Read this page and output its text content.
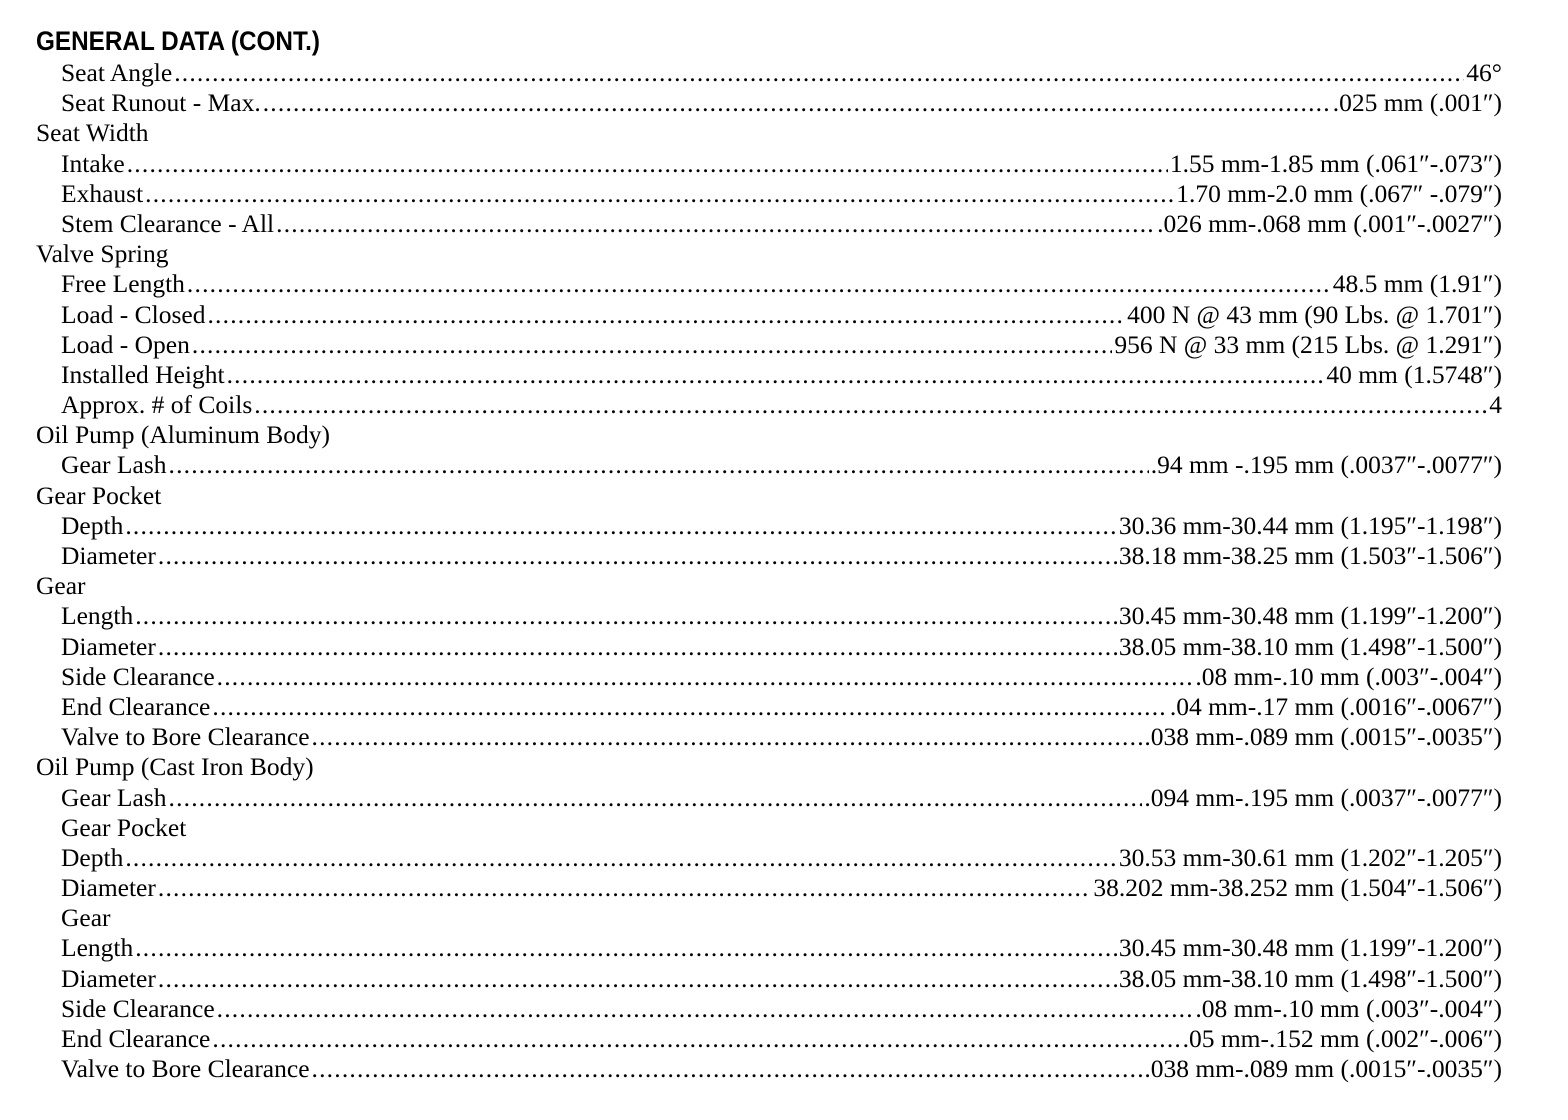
GENERAL DATA (CONT.)
Seat Angle .....	46°
Seat Runout - Max. .....	.025 mm (.001″)
Seat Width
Intake .....	1.55 mm-1.85 mm (.061″-.073″)
Exhaust .....	1.70 mm-2.0 mm (.067″ -.079″)
Stem Clearance - All .....	.026 mm-.068 mm (.001″-.0027″)
Valve Spring
Free Length .....	48.5 mm (1.91″)
Load - Closed .....	400 N @ 43 mm (90 Lbs. @ 1.701″)
Load - Open .....	956 N @ 33 mm (215 Lbs. @ 1.291″)
Installed Height .....	40 mm (1.5748″)
Approx. # of Coils .....	4
Oil Pump (Aluminum Body)
Gear Lash .....	.94 mm -.195 mm (.0037″-.0077″)
Gear Pocket
Depth .....	30.36 mm-30.44 mm (1.195″-1.198″)
Diameter .....	38.18 mm-38.25 mm (1.503″-1.506″)
Gear
Length .....	30.45 mm-30.48 mm (1.199″-1.200″)
Diameter .....	38.05 mm-38.10 mm (1.498″-1.500″)
Side Clearance .....	.08 mm-.10 mm (.003″-.004″)
End Clearance .....	.04 mm-.17 mm (.0016″-.0067″)
Valve to Bore Clearance .....	.038 mm-.089 mm (.0015″-.0035″)
Oil Pump (Cast Iron Body)
Gear Lash .....	.094 mm-.195 mm (.0037″-.0077″)
Gear Pocket
Depth .....	30.53 mm-30.61 mm (1.202″-1.205″)
Diameter .....	38.202 mm-38.252 mm (1.504″-1.506″)
Gear
Length .....	30.45 mm-30.48 mm (1.199″-1.200″)
Diameter .....	38.05 mm-38.10 mm (1.498″-1.500″)
Side Clearance .....	.08 mm-.10 mm (.003″-.004″)
End Clearance .....	.05 mm-.152 mm (.002″-.006″)
Valve to Bore Clearance .....	.038 mm-.089 mm (.0015″-.0035″)
